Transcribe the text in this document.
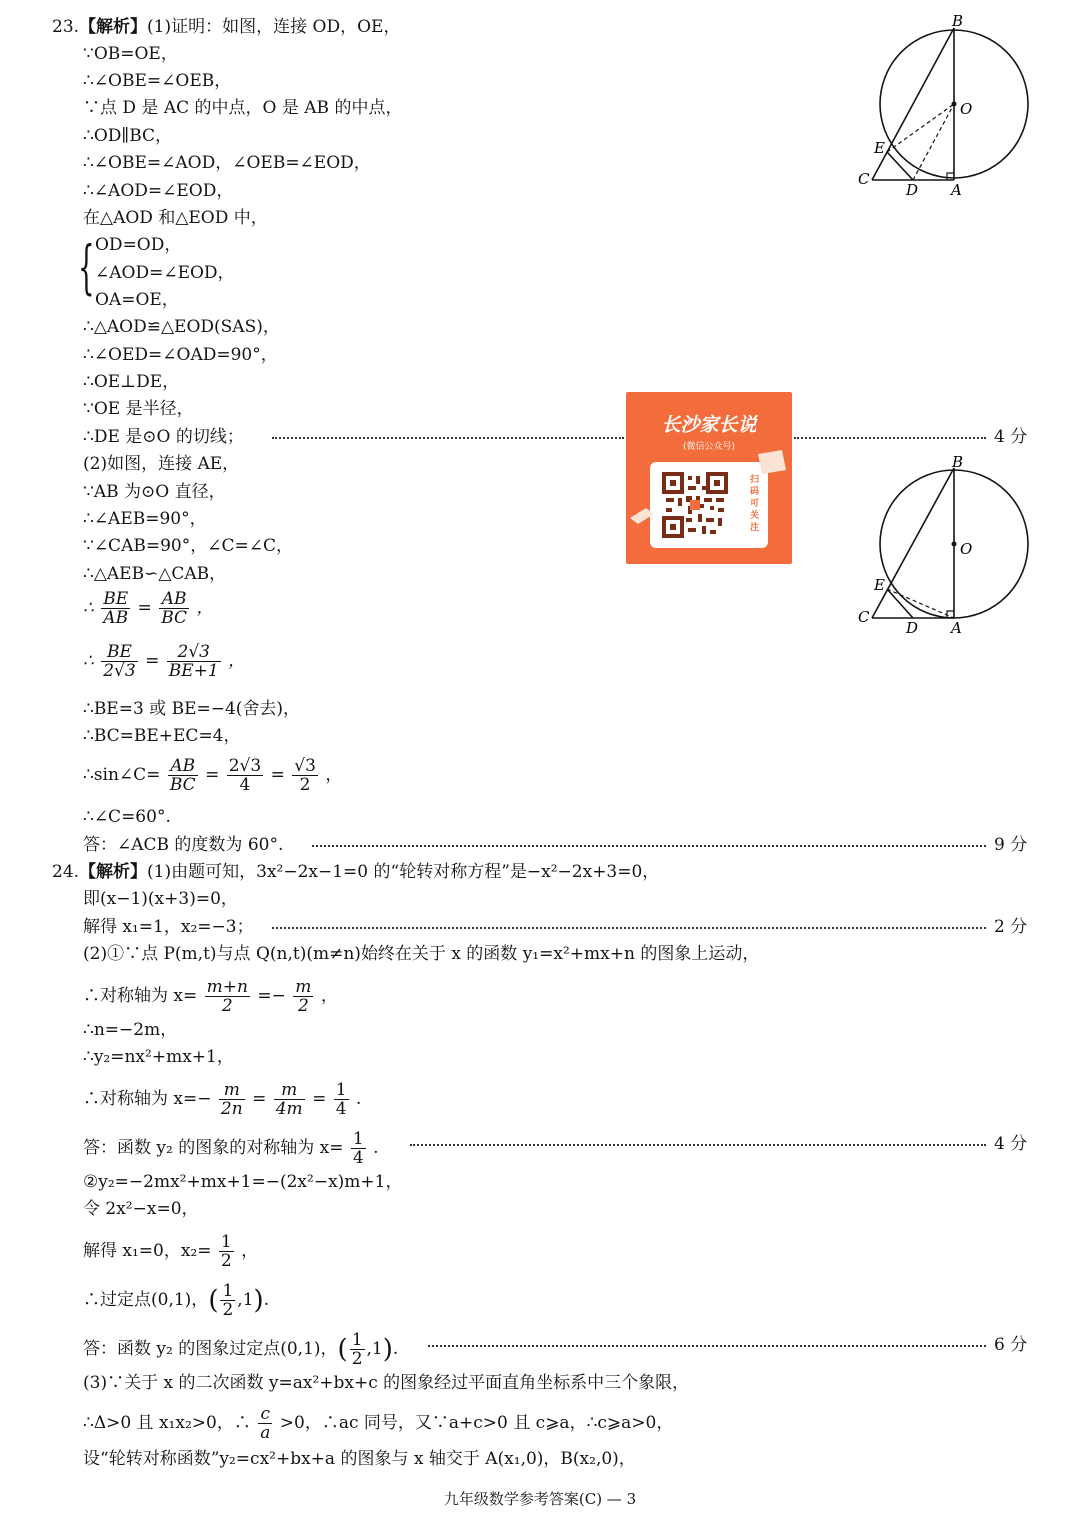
23.【解析】(1)证明：如图，连接 OD，OE，
∵OB=OE，
∴∠OBE=∠OEB，
∵点 D 是 AC 的中点，O 是 AB 的中点，
∴OD∥BC，
∴∠OBE=∠AOD，∠OEB=∠EOD，
∴∠AOD=∠EOD，
在△AOD 和△EOD 中，
{ OD=OD，
∠AOD=∠EOD，
OA=OE，
∴△AOD≌△EOD(SAS)，
∴∠OED=∠OAD=90°，
∴OE⊥DE，
∵OE 是半径，
∴DE 是⊙O 的切线；	4 分
(2)如图，连接 AE，
∵AB 为⊙O 直径，
∴∠AEB=90°，
∵∠CAB=90°，∠C=∠C，
∴△AEB∽△CAB，
∴ $\frac{BE}{AB} = \frac{AB}{BC}$ ，
∴ $\frac{BE}{2√3} = \frac{2√3}{BE+1}$ ，
∴BE=3 或 BE=−4(舍去)，
∴BC=BE+EC=4，
∴sin∠C= $\frac{AB}{BC} = \frac{2√3}{4} = \frac{√3}{2}$ ，
∴∠C=60°.
答：∠ACB 的度数为 60°.	9 分
24.【解析】(1)由题可知，3x²−2x−1=0 的“轮转对称方程”是−x²−2x+3=0，
即(x−1)(x+3)=0，
解得 x₁=1，x₂=−3；	2 分
(2)①∵点 P(m,t)与点 Q(n,t)(m≠n)始终在关于 x 的函数 y₁=x²+mx+n 的图象上运动，
∴对称轴为 $x= \frac{m+n}{2} =- \frac{m}{2}$ ，
∴n=−2m，
∴y₂=nx²+mx+1，
∴对称轴为 $x=- \frac{m}{2n} = \frac{m}{4m} = \frac{1}{4}$ .
答：函数 y₂ 的图象的对称轴为 $x= \frac{1}{4}$ .	4 分
②y₂=−2mx²+mx+1=−(2x²−x)m+1，
令 2x²−x=0，
解得 x₁=0，$x_2= \frac{1}{2}$ ，
∴过定点(0,1)，( $\frac{1}{2} ,1$).
答：函数 y₂ 的图象过定点(0,1)，( $\frac{1}{2} ,1$).	6 分
(3)∵关于 x 的二次函数 y=ax²+bx+c 的图象经过平面直角坐标系中三个象限，
∴Δ>0 且 x₁x₂>0，∴ $\frac{c}{a} >0$，∴ac 同号，又∵a+c>0 且 c⩾a，∴c⩾a>0，
设“轮转对称函数”y₂=cx²+bx+a 的图象与 x 轴交于 A(x₁,0)，B(x₂,0)，
B
O
E
C
D A
B
O
E
C
D A
长沙家长说
(微信公众号)
扫码可关注
九年级数学参考答案(C) — 3
